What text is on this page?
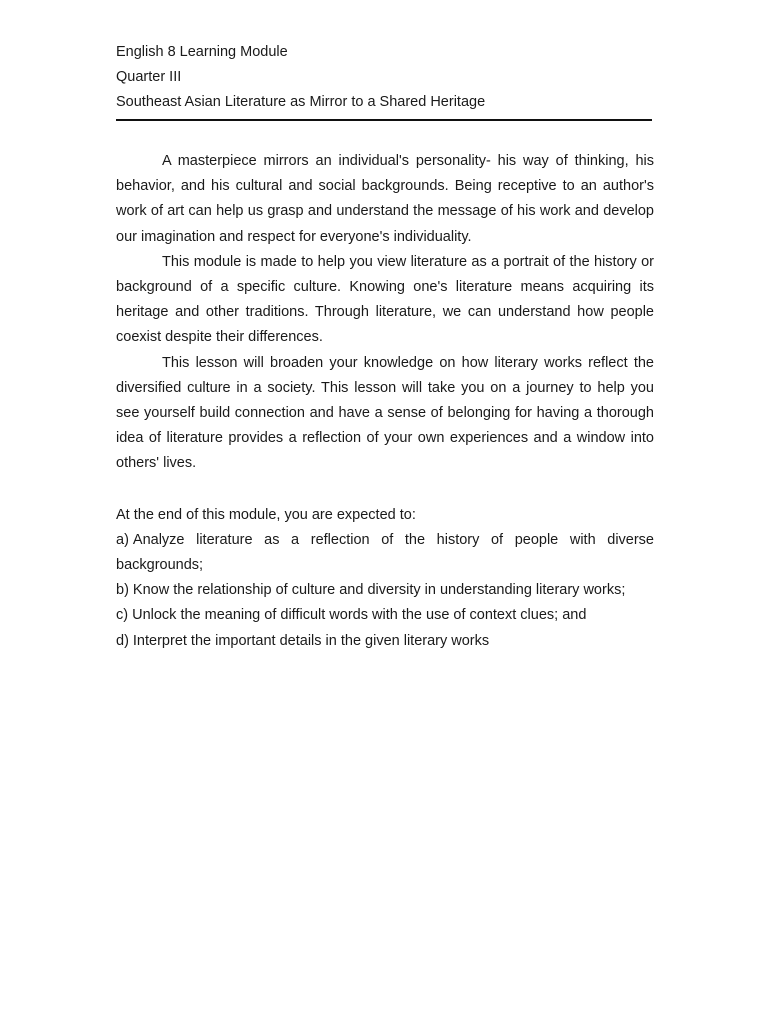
English 8 Learning Module

Quarter III

Southeast Asian Literature as Mirror to a Shared Heritage

A masterpiece mirrors an individual's personality- his way of thinking, his behavior, and his cultural and social backgrounds. Being receptive to an author's work of art can help us grasp and understand the message of his work and develop our imagination and respect for everyone's individuality.

This module is made to help you view literature as a portrait of the history or background of a specific culture. Knowing one's literature means acquiring its heritage and other traditions. Through literature, we can understand how people coexist despite their differences.

This lesson will broaden your knowledge on how literary works reflect the diversified culture in a society. This lesson will take you on a journey to help you see yourself build connection and have a sense of belonging for having a thorough idea of literature provides a reflection of your own experiences and a window into others' lives.

At the end of this module, you are expected to:

a) Analyze literature as a reflection of the history of people with diverse backgrounds;
b) Know the relationship of culture and diversity in understanding literary works;
c) Unlock the meaning of difficult words with the use of context clues; and
d) Interpret the important details in the given literary works
